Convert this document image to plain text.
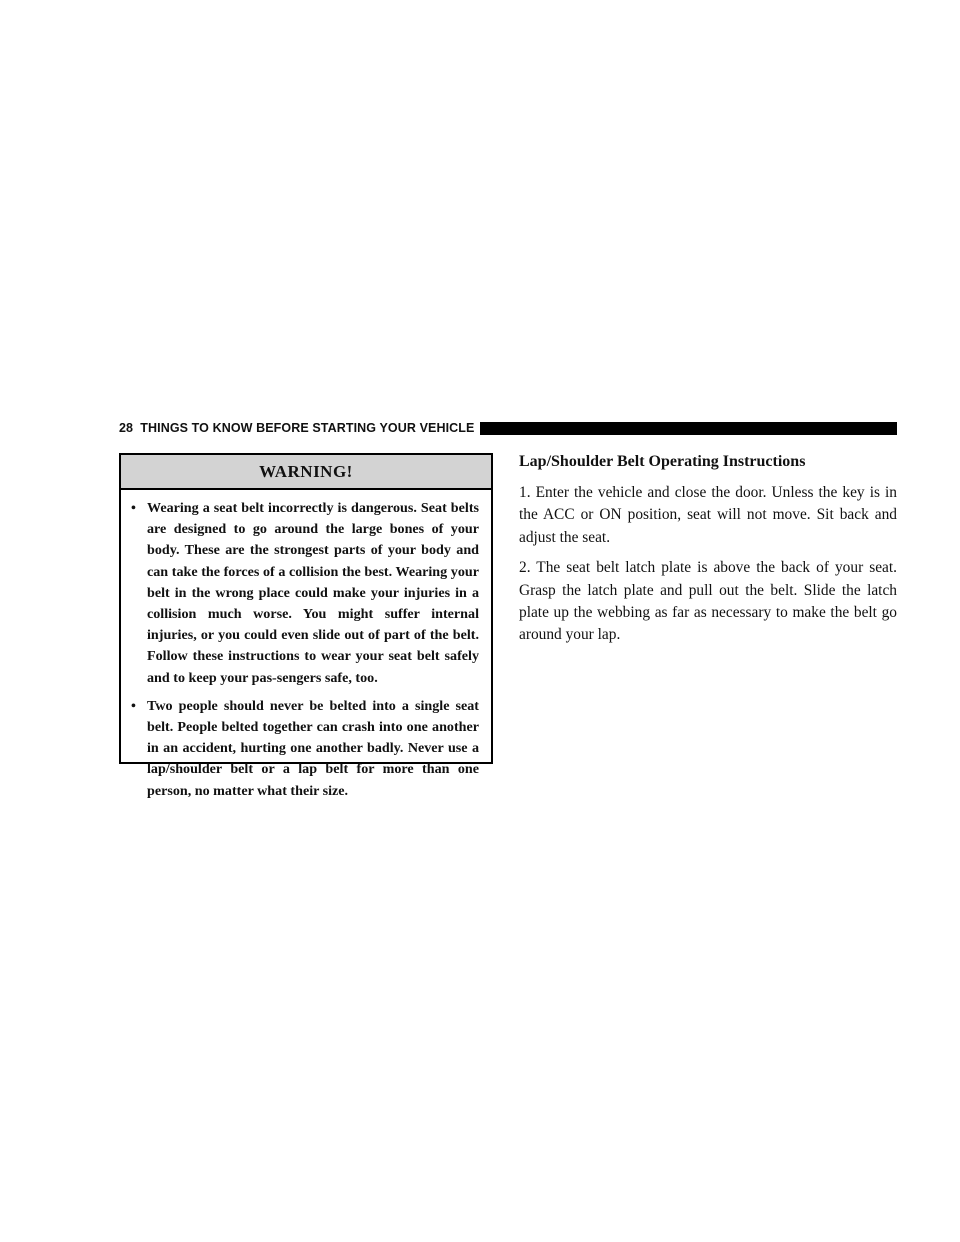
28 THINGS TO KNOW BEFORE STARTING YOUR VEHICLE
WARNING!
• Wearing a seat belt incorrectly is dangerous. Seat belts are designed to go around the large bones of your body. These are the strongest parts of your body and can take the forces of a collision the best. Wearing your belt in the wrong place could make your injuries in a collision much worse. You might suffer internal injuries, or you could even slide out of part of the belt. Follow these instructions to wear your seat belt safely and to keep your pas-sengers safe, too.
• Two people should never be belted into a single seat belt. People belted together can crash into one another in an accident, hurting one another badly. Never use a lap/shoulder belt or a lap belt for more than one person, no matter what their size.
Lap/Shoulder Belt Operating Instructions

1. Enter the vehicle and close the door. Unless the key is in the ACC or ON position, seat will not move. Sit back and adjust the seat.

2. The seat belt latch plate is above the back of your seat. Grasp the latch plate and pull out the belt. Slide the latch plate up the webbing as far as necessary to make the belt go around your lap.
